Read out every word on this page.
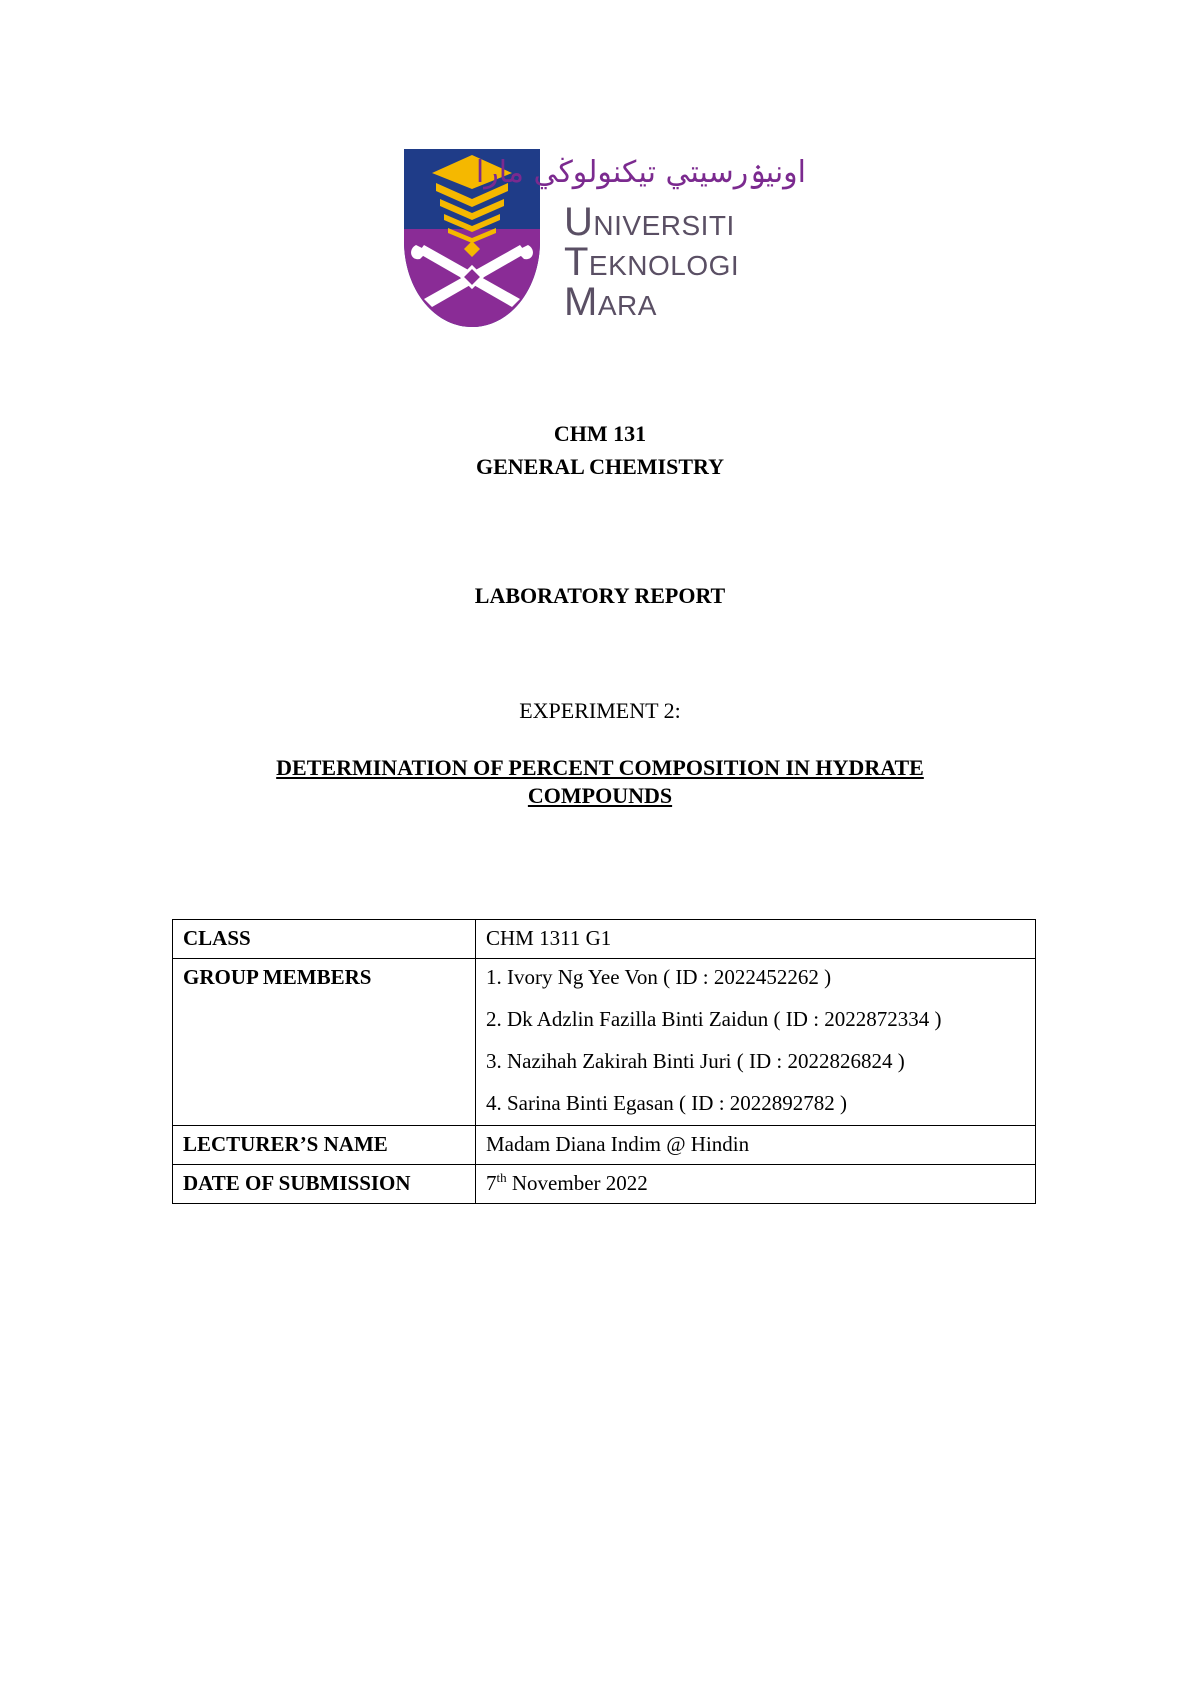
اونيۏرسيتي تيكنولوڬي مارا
Universiti
Teknologi
Mara
CHM 131
GENERAL CHEMISTRY
LABORATORY REPORT
EXPERIMENT 2:
DETERMINATION OF PERCENT COMPOSITION IN HYDRATE
COMPOUNDS
CLASS	CHM 1311 G1
GROUP MEMBERS	1. Ivory Ng Yee Von ( ID : 2022452262 )
2. Dk Adzlin Fazilla Binti Zaidun ( ID : 2022872334 )
3. Nazihah Zakirah Binti Juri ( ID : 2022826824 )
4. Sarina Binti Egasan ( ID : 2022892782 )

LECTURER’S NAME	Madam Diana Indim @ Hindin
DATE OF SUBMISSION	7th November 2022
